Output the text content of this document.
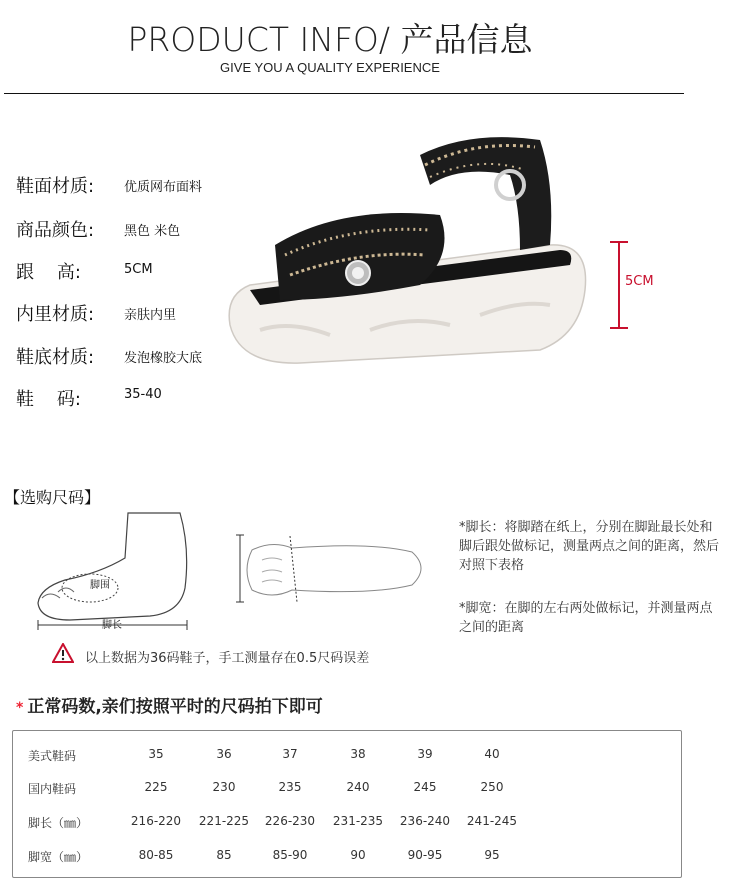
PRODUCT INFO/ 产品信息
GIVE YOU A QUALITY EXPERIENCE
鞋面材质:	优质网布面料
商品颜色:	黑色 米色
跟    高:	5CM
内里材质:	亲肤内里
鞋底材质:	发泡橡胶大底
鞋    码:	35-40
5CM
【选购尺码】
脚围
脚长
*脚长：将脚踏在纸上，分别在脚趾最长处和脚后跟处做标记，测量两点之间的距离，然后对照下表格
*脚宽：在脚的左右两处做标记，并测量两点之间的距离
以上数据为36码鞋子，手工测量存在0.5尺码误差
* 正常码数,亲们按照平时的尺码拍下即可
美式鞋码	35	36	37	38	39	40
国内鞋码	225	230	235	240	245	250
脚长（㎜）	216-220	221-225	226-230	231-235	236-240	241-245
脚宽（㎜）	80-85	85	85-90	90	90-95	95
